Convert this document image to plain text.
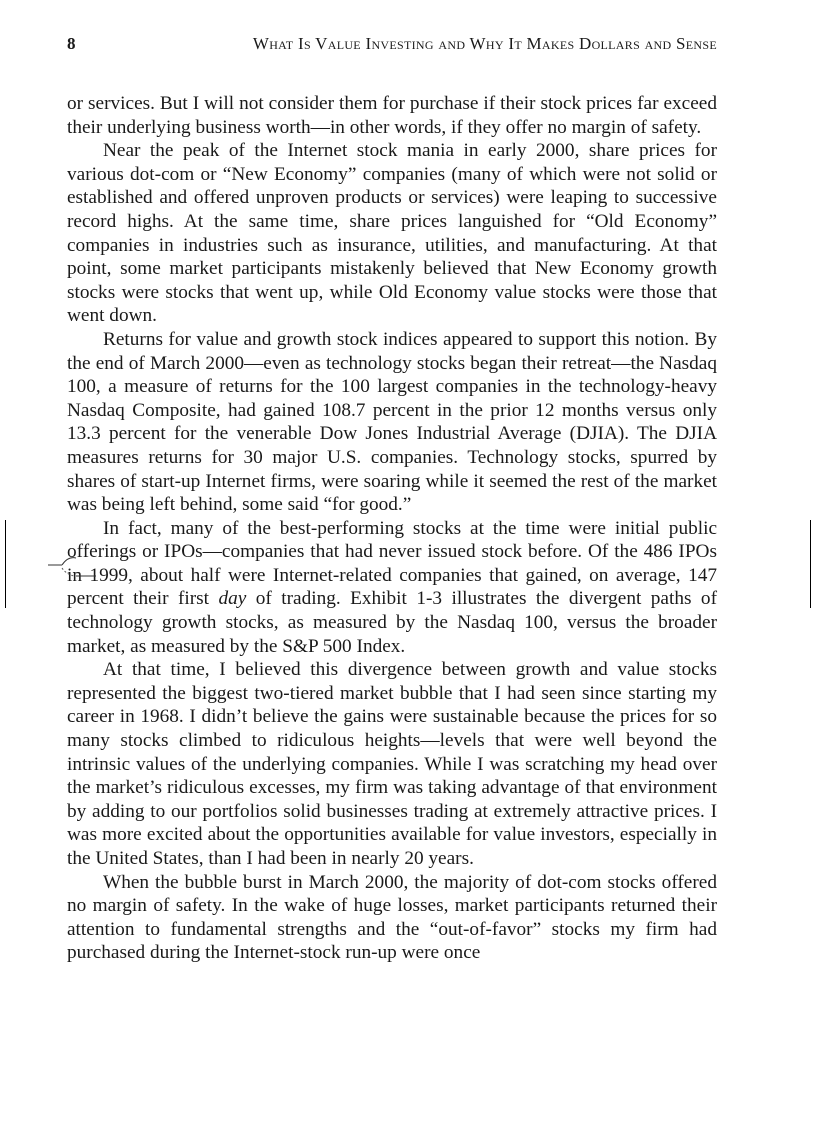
8	What Is Value Investing and Why It Makes Dollars and Sense

or services. But I will not consider them for purchase if their stock prices far exceed their underlying business worth—in other words, if they offer no margin of safety.

Near the peak of the Internet stock mania in early 2000, share prices for various dot-com or “New Economy” companies (many of which were not solid or established and offered unproven products or services) were leaping to successive record highs. At the same time, share prices languished for “Old Economy” companies in industries such as insurance, utilities, and manufacturing. At that point, some market participants mistakenly believed that New Economy growth stocks were stocks that went up, while Old Economy value stocks were those that went down.

Returns for value and growth stock indices appeared to support this notion. By the end of March 2000—even as technology stocks began their retreat—the Nasdaq 100, a measure of returns for the 100 largest companies in the technology-heavy Nasdaq Composite, had gained 108.7 percent in the prior 12 months versus only 13.3 percent for the venerable Dow Jones Industrial Average (DJIA). The DJIA measures returns for 30 major U.S. companies. Technology stocks, spurred by shares of start-up Internet firms, were soaring while it seemed the rest of the market was being left behind, some said “for good.”

In fact, many of the best-performing stocks at the time were initial public offerings or IPOs—companies that had never issued stock before. Of the 486 IPOs in 1999, about half were Internet-related companies that gained, on average, 147 percent their first day of trading. Exhibit 1-3 illustrates the divergent paths of technology growth stocks, as measured by the Nasdaq 100, versus the broader market, as measured by the S&P 500 Index.

At that time, I believed this divergence between growth and value stocks represented the biggest two-tiered market bubble that I had seen since starting my career in 1968. I didn’t believe the gains were sustainable because the prices for so many stocks climbed to ridiculous heights—levels that were well beyond the intrinsic values of the underlying companies. While I was scratching my head over the market’s ridiculous excesses, my firm was taking advantage of that environment by adding to our portfolios solid businesses trading at extremely attractive prices. I was more excited about the opportunities available for value investors, especially in the United States, than I had been in nearly 20 years.

When the bubble burst in March 2000, the majority of dot-com stocks offered no margin of safety. In the wake of huge losses, market participants returned their attention to fundamental strengths and the “out-of-favor” stocks my firm had purchased during the Internet-stock run-up were once
